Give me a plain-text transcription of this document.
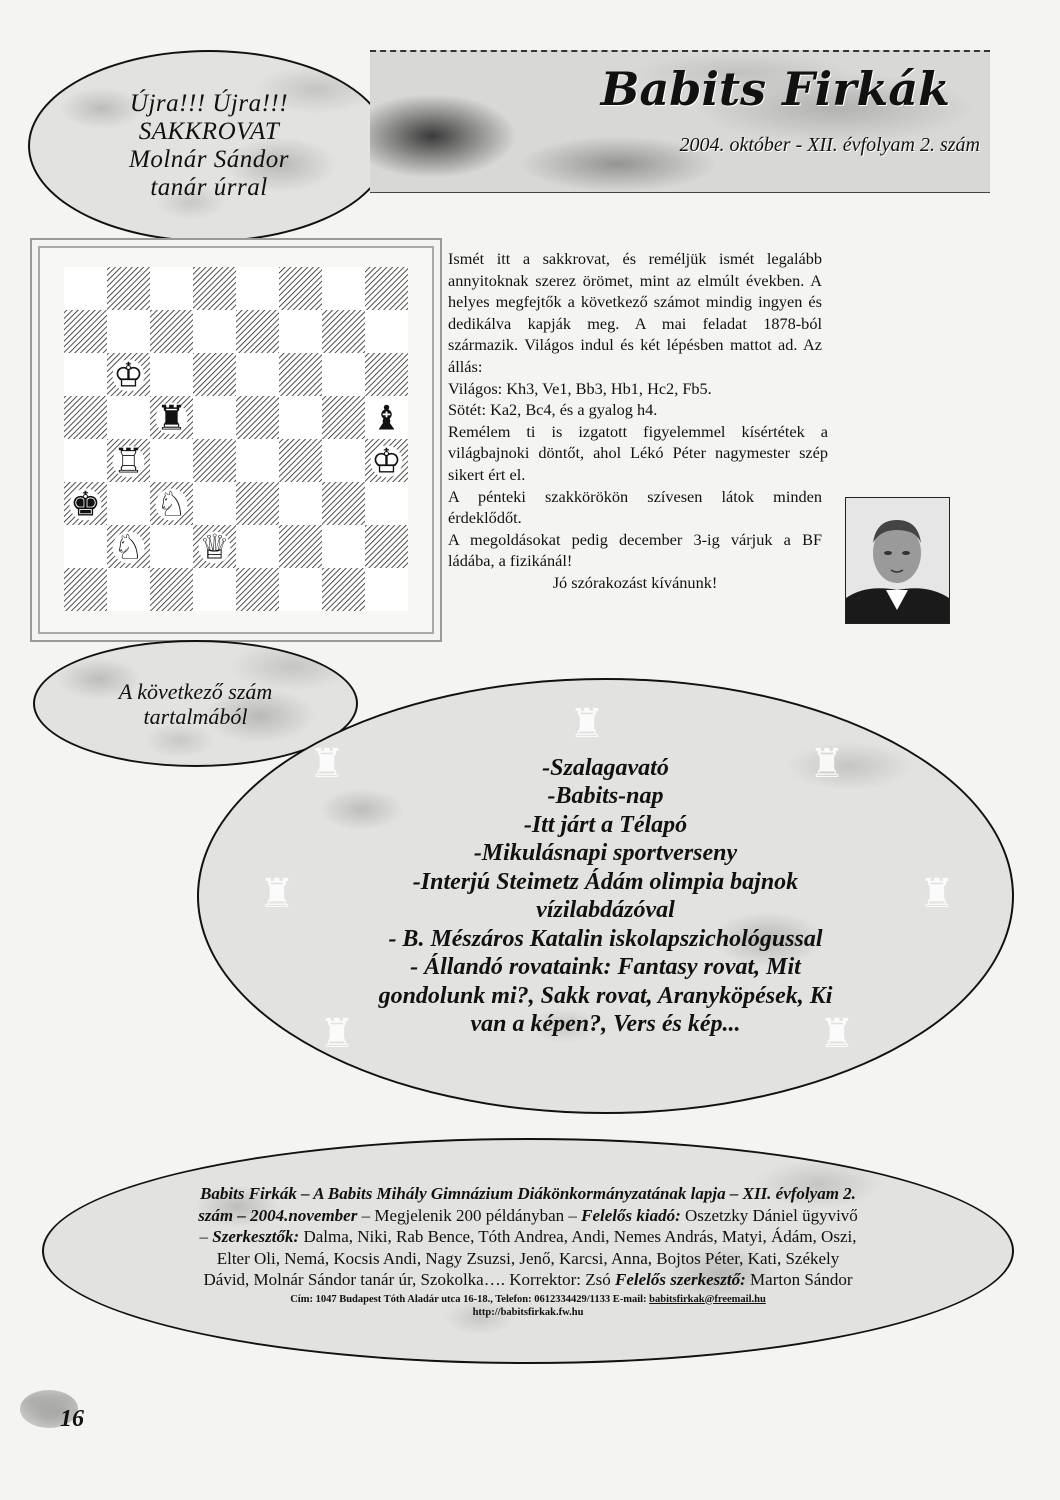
Újra!!! Újra!!!
SAKKROVAT
Molnár Sándor
tanár úrral
Babits Firkák
2004. október - XII. évfolyam 2. szám
♔
♜	♝
♖	♔
♚ ♘
♘ ♕

Ismét itt a sakkrovat, és reméljük ismét legalább annyitoknak szerez örömet, mint az elmúlt években. A helyes megfejtők a következő számot mindig ingyen és dedikálva kapják meg. A mai feladat 1878-ból származik. Világos indul és két lépésben mattot ad. Az állás:

Világos: Kh3, Ve1, Bb3, Hb1, Hc2, Fb5.

Sötét: Ka2, Bc4, és a gyalog h4.

Remélem ti is izgatott figyelemmel kísértétek a világbajnoki döntőt, ahol Lékó Péter nagymester szép sikert ért el.

A pénteki szakkörökön szívesen látok minden érdeklődőt.

A megoldásokat pedig december 3-ig várjuk a BF ládába, a fizikánál!

Jó szórakozást kívánunk!

A következő szám
tartalmából
♜
♜
♜
♜	♜
♜	♜
-Szalagavató
-Babits-nap
-Itt járt a Télapó
-Mikulásnapi sportverseny
-Interjú Steimetz Ádám olimpia bajnok
vízilabdázóval
- B. Mészáros Katalin iskolapszichológussal
- Állandó rovataink: Fantasy rovat, Mit
gondolunk mi?, Sakk rovat, Aranyköpések, Ki
van a képen?, Vers és kép...
Babits Firkák – A Babits Mihály Gimnázium Diákönkormányzatának lapja – XII. évfolyam 2. szám – 2004.november – Megjelenik 200 példányban – Felelős kiadó: Oszetzky Dániel ügyvivő – Szerkesztők: Dalma, Niki, Rab Bence, Tóth Andrea, Andi, Nemes András, Matyi, Ádám, Oszi, Elter Oli, Nemá, Kocsis Andi, Nagy Zsuzsi, Jenő, Karcsi, Anna, Bojtos Péter, Kati, Székely Dávid, Molnár Sándor tanár úr, Szokolka…. Korrektor: Zsó Felelős szerkesztő: Marton Sándor
Cím: 1047 Budapest Tóth Aladár utca 16-18., Telefon: 0612334429/1133 E-mail: babitsfirkak@freemail.hu
http://babitsfirkak.fw.hu
16
